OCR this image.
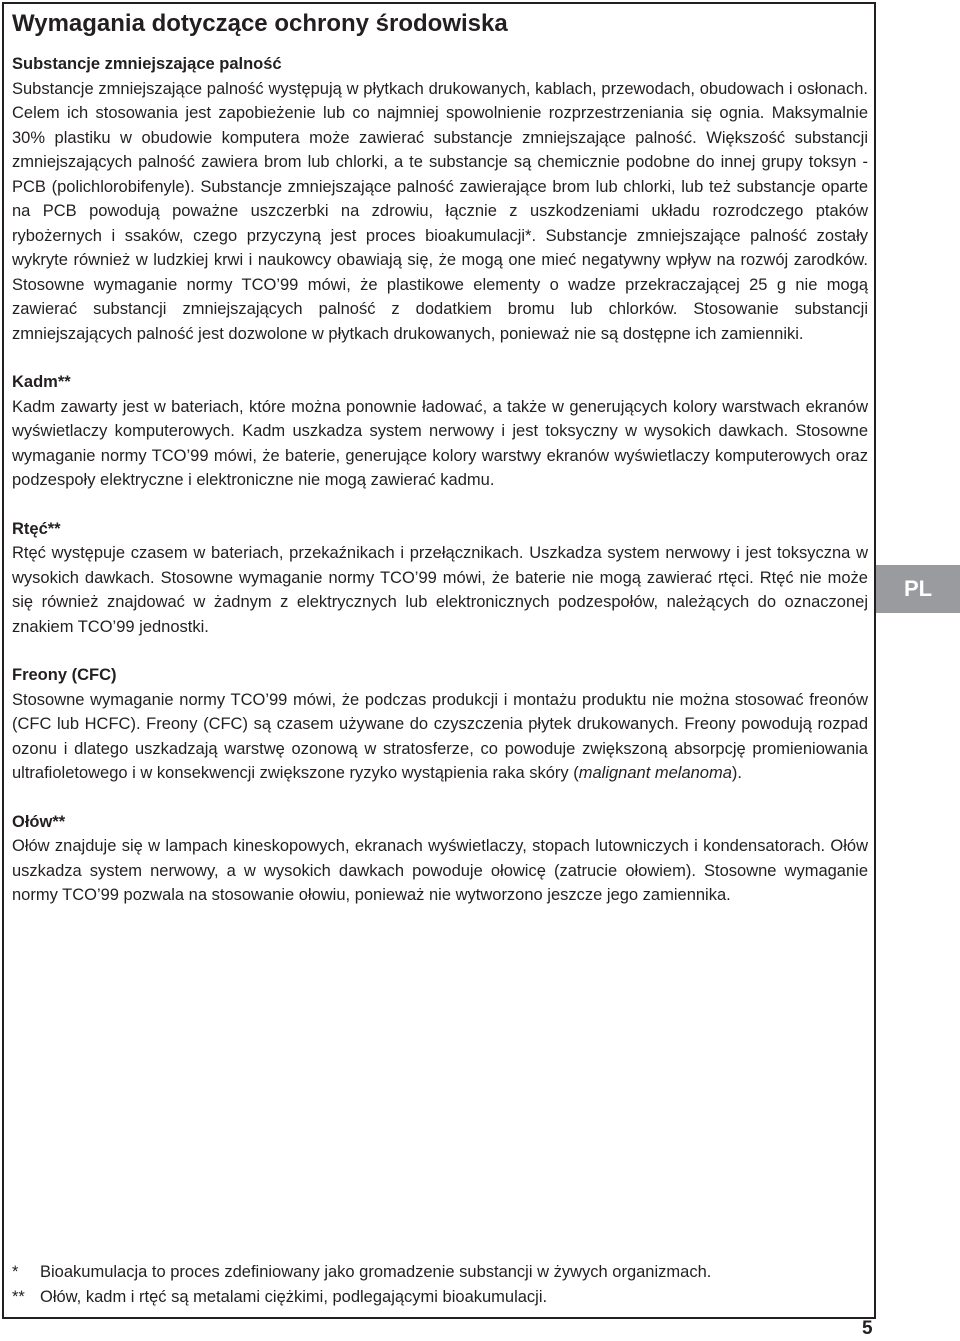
Wymagania dotyczące ochrony środowiska
Substancje zmniejszające palność

Substancje zmniejszające palność występują w płytkach drukowanych, kablach, przewodach, obudowach i osłonach. Celem ich stosowania jest zapobieżenie lub co najmniej spowolnienie rozprzestrzeniania się ognia. Maksymalnie 30% plastiku w obudowie komputera może zawierać substancje zmniejszające palność. Większość substancji zmniejszających palność zawiera brom lub chlorki, a te substancje są chemicznie podobne do innej grupy toksyn - PCB (polichlorobifenyle). Substancje zmniejszające palność zawierające brom lub chlorki, lub też substancje oparte na PCB powodują poważne uszczerbki na zdrowiu, łącznie z uszkodzeniami układu rozrodczego ptaków rybożernych i ssaków, czego przyczyną jest proces bioakumulacji*. Substancje zmniejszające palność zostały wykryte również w ludzkiej krwi i naukowcy obawiają się, że mogą one mieć negatywny wpływ na rozwój zarodków. Stosowne wymaganie normy TCO’99 mówi, że plastikowe elementy o wadze przekraczającej 25 g nie mogą zawierać substancji zmniejszających palność z dodatkiem bromu lub chlorków. Stosowanie substancji zmniejszających palność jest dozwolone w płytkach drukowanych, ponieważ nie są dostępne ich zamienniki.

Kadm**

Kadm zawarty jest w bateriach, które można ponownie ładować, a także w generujących kolory warstwach ekranów wyświetlaczy komputerowych. Kadm uszkadza system nerwowy i jest toksyczny w wysokich dawkach. Stosowne wymaganie normy TCO’99 mówi, że baterie, generujące kolory warstwy ekranów wyświetlaczy komputerowych oraz podzespoły elektryczne i elektroniczne nie mogą zawierać kadmu.

Rtęć**

Rtęć występuje czasem w bateriach, przekaźnikach i przełącznikach. Uszkadza system nerwowy i jest toksyczna w wysokich dawkach. Stosowne wymaganie normy TCO’99 mówi, że baterie nie mogą zawierać rtęci. Rtęć nie może się również znajdować w żadnym z elektrycznych lub elektronicznych podzespołów, należących do oznaczonej znakiem TCO’99 jednostki.

Freony (CFC)

Stosowne wymaganie normy TCO’99 mówi, że podczas produkcji i montażu produktu nie można stosować freonów (CFC lub HCFC). Freony (CFC) są czasem używane do czyszczenia płytek drukowanych. Freony powodują rozpad ozonu i dlatego uszkadzają warstwę ozonową w stratosferze, co powoduje zwiększoną absorpcję promieniowania ultrafioletowego i w konsekwencji zwiększone ryzyko wystąpienia raka skóry (malignant melanoma).

Ołów**

Ołów znajduje się w lampach kineskopowych, ekranach wyświetlaczy, stopach lutowniczych i kondensatorach. Ołów uszkadza system nerwowy, a w wysokich dawkach powoduje ołowicę (zatrucie ołowiem). Stosowne wymaganie normy TCO’99 pozwala na stosowanie ołowiu, ponieważ nie wytworzono jeszcze jego zamiennika.

* Bioakumulacja to proces zdefiniowany jako gromadzenie substancji w żywych organizmach.
** Ołów, kadm i rtęć są metalami ciężkimi, podlegającymi bioakumulacji.
PL
5
